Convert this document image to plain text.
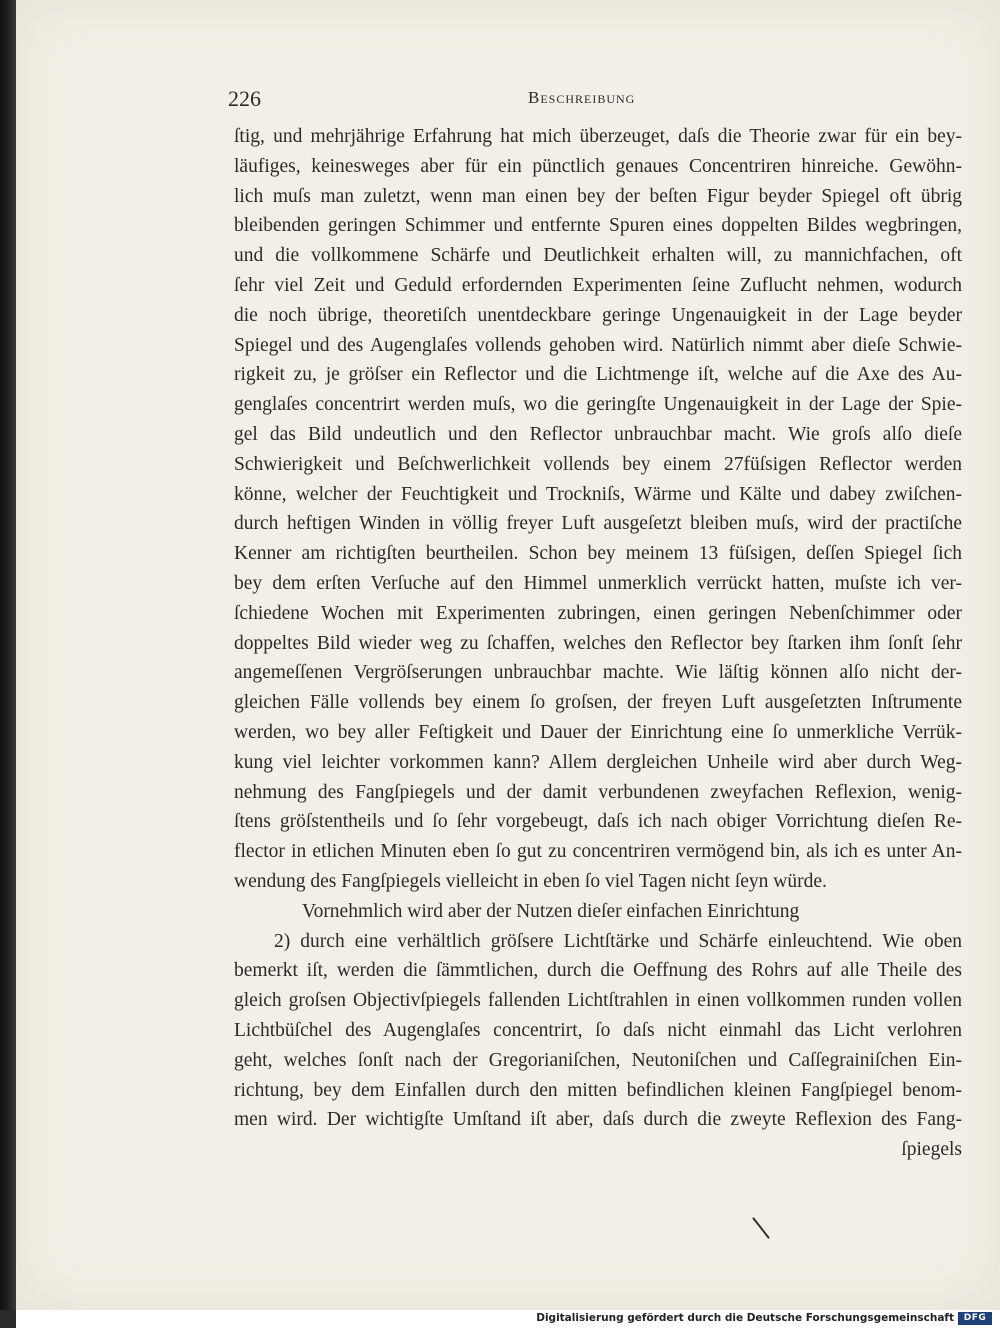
226	Beschreibung
ſtig, und mehrjährige Erfahrung hat mich überzeuget, daſs die Theorie zwar für ein bey-
läufiges, keinesweges aber für ein pünctlich genaues Concentriren hinreiche. Gewöhn-
lich muſs man zuletzt, wenn man einen bey der beſten Figur beyder Spiegel oft übrig
bleibenden geringen Schimmer und entfernte Spuren eines doppelten Bildes wegbringen,
und die vollkommene Schärfe und Deutlichkeit erhalten will, zu mannichfachen, oft
ſehr viel Zeit und Geduld erfordernden Experimenten ſeine Zuflucht nehmen, wodurch
die noch übrige, theoretiſch unentdeckbare geringe Ungenauigkeit in der Lage beyder
Spiegel und des Augenglaſes vollends gehoben wird. Natürlich nimmt aber dieſe Schwie-
rigkeit zu, je gröſser ein Reflector und die Lichtmenge iſt, welche auf die Axe des Au-
genglaſes concentrirt werden muſs, wo die geringſte Ungenauigkeit in der Lage der Spie-
gel das Bild undeutlich und den Reflector unbrauchbar macht. Wie groſs alſo dieſe
Schwierigkeit und Beſchwerlichkeit vollends bey einem 27füſsigen Reflector werden
könne, welcher der Feuchtigkeit und Trockniſs, Wärme und Kälte und dabey zwiſchen-
durch heftigen Winden in völlig freyer Luft ausgeſetzt bleiben muſs, wird der practiſche
Kenner am richtigſten beurtheilen. Schon bey meinem 13 füſsigen, deſſen Spiegel ſich
bey dem erſten Verſuche auf den Himmel unmerklich verrückt hatten, muſste ich ver-
ſchiedene Wochen mit Experimenten zubringen, einen geringen Nebenſchimmer oder
doppeltes Bild wieder weg zu ſchaffen, welches den Reflector bey ſtarken ihm ſonſt ſehr
angemeſſenen Vergröſserungen unbrauchbar machte. Wie läſtig können alſo nicht der-
gleichen Fälle vollends bey einem ſo groſsen, der freyen Luft ausgeſetzten Inſtrumente
werden, wo bey aller Feſtigkeit und Dauer der Einrichtung eine ſo unmerkliche Verrük-
kung viel leichter vorkommen kann? Allem dergleichen Unheile wird aber durch Weg-
nehmung des Fangſpiegels und der damit verbundenen zweyfachen Reflexion, wenig-
ſtens gröſstentheils und ſo ſehr vorgebeugt, daſs ich nach obiger Vorrichtung dieſen Re-
flector in etlichen Minuten eben ſo gut zu concentriren vermögend bin, als ich es unter An-
wendung des Fangſpiegels vielleicht in eben ſo viel Tagen nicht ſeyn würde.
Vornehmlich wird aber der Nutzen dieſer einfachen Einrichtung
2) durch eine verhältlich gröſsere Lichtſtärke und Schärfe einleuchtend. Wie oben
bemerkt iſt, werden die ſämmtlichen, durch die Oeffnung des Rohrs auf alle Theile des
gleich groſsen Objectivſpiegels fallenden Lichtſtrahlen in einen vollkommen runden vollen
Lichtbüſchel des Augenglaſes concentrirt, ſo daſs nicht einmahl das Licht verlohren
geht, welches ſonſt nach der Gregorianiſchen, Neutoniſchen und Caſſegrainiſchen Ein-
richtung, bey dem Einfallen durch den mitten befindlichen kleinen Fangſpiegel benom-
men wird. Der wichtigſte Umſtand iſt aber, daſs durch die zweyte Reflexion des Fang-
ſpiegels
Digitalisierung gefördert durch die Deutsche Forschungsgemeinschaft	DFG
